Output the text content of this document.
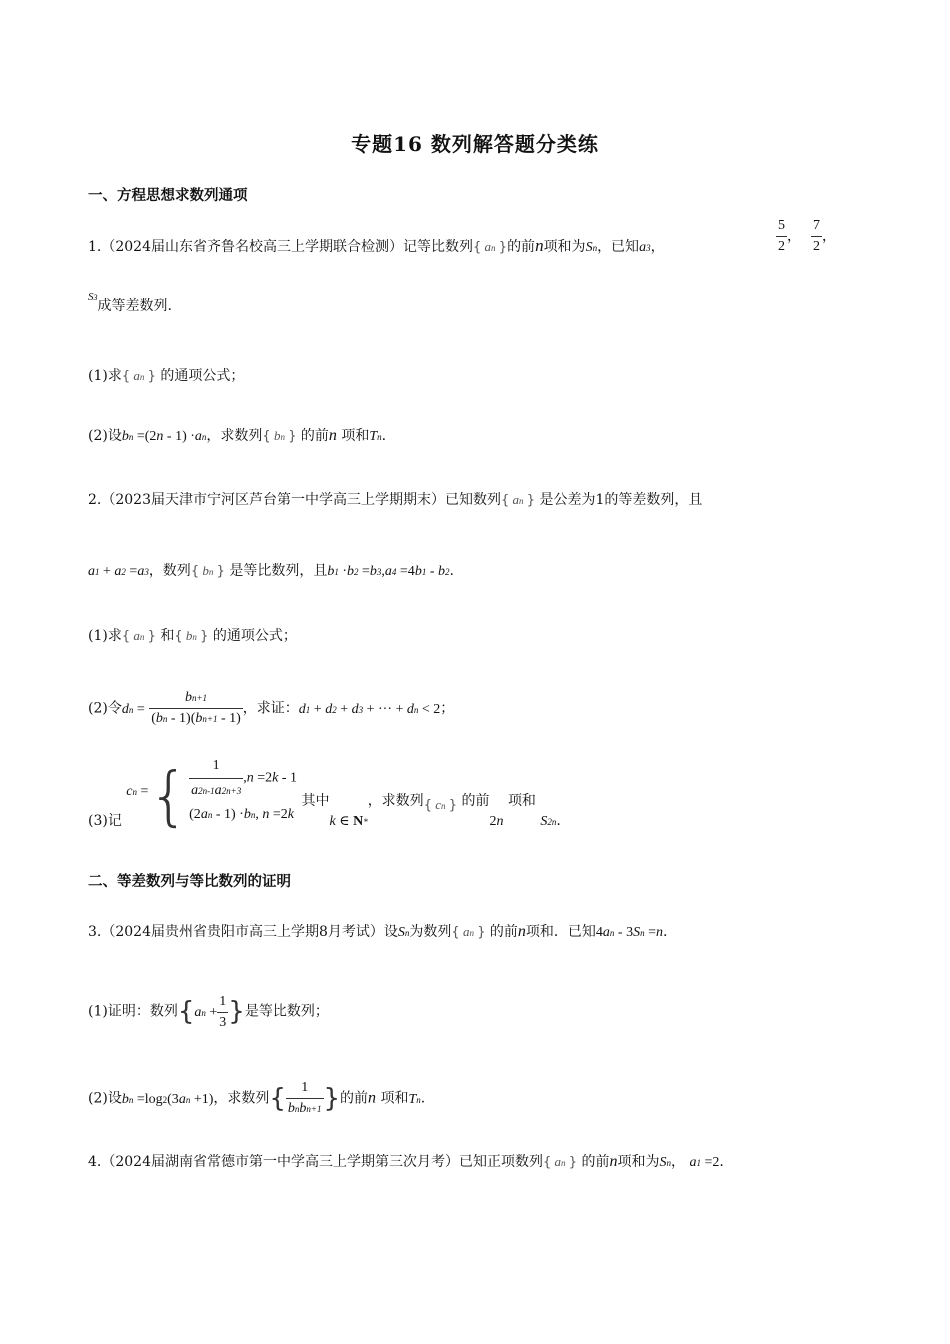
专题16 数列解答题分类练
一、方程思想求数列通项
1.（2024届山东省齐鲁名校高三上学期联合检测）记等比数列{ an }的前n项和为Sn，已知a3，	$\frac{5}{2}$ ， $\frac{7}{2}$ ，
$^{S3}$成等差数列.
(1)求{ an } 的通项公式；
(2)设bn =(2n - 1) ·an，求数列{ bn } 的前n 项和Tn.
2.（2023届天津市宁河区芦台第一中学高三上学期期末）已知数列{ an } 是公差为1的等差数列，且
a1 + a2 =a3，数列{ bn } 是等比数列，且b1 ·b2 =b3,a4 =4b1 - b2.
(1)求{ an } 和{ bn } 的通项公式；
(2)令dn = $\frac{bn+1}{(bn - 1)(bn+1 - 1)}$ ，求证：d1 + d2 + d3 + ··· + dn < 2；
(3)记 cn ={ $\frac{1}{a2n-1a2n+3} ,n =2k - 1$
(2an - 1) ·bn, n =2k
其中k ∈ N*，求数列{ cn } 的前2n 项和 S2n.
二、等差数列与等比数列的证明
3.（2024届贵州省贵阳市高三上学期8月考试）设Sn为数列{ an } 的前n项和．已知4an - 3Sn =n.
(1)证明：数列{$an + \frac{1}{3}$ }是等比数列；
(2)设bn =log2(3an +1)，求数列{ $\frac{1}{\text{bnbn+1}}$ }的前n 项和Tn.
4.（2024届湖南省常德市第一中学高三上学期第三次月考）已知正项数列{ an } 的前n项和为Sn， a1 =2.
